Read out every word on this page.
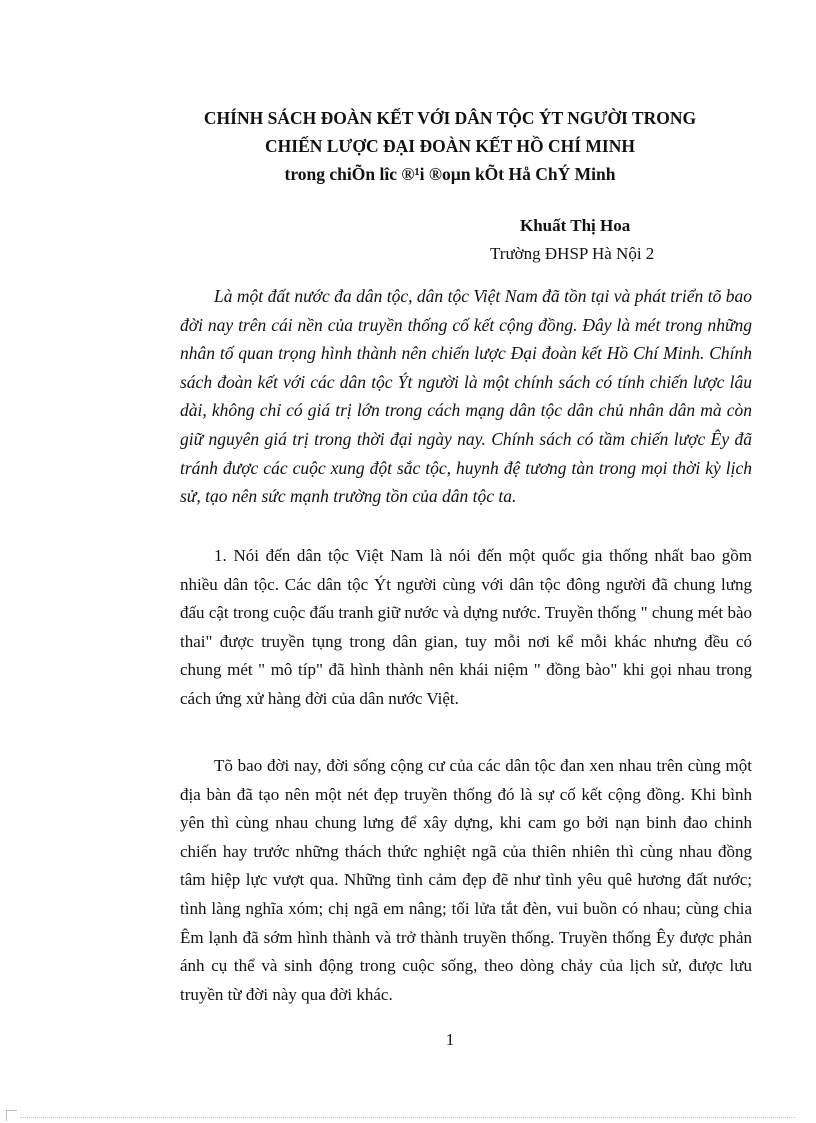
CHÍNH SÁCH ĐOÀN KẾT VỚI DÂN TỘC ÝT NGƯỜI TRONG
CHIẾN LƯỢC ĐẠI ĐOÀN KẾT HỒ CHÍ MINH
trong chiÕn lîc ®¹i ®oµn kÕt Hå ChÝ Minh
Khuất Thị Hoa
Trường ĐHSP Hà Nội 2

Là một đất nước đa dân tộc, dân tộc Việt Nam đã tồn tại và phát triển tõ bao đời nay trên cái nền của truyền thống cố kết cộng đồng. Đây là mét trong những nhân tố quan trọng hình thành nên chiến lược Đại đoàn kết Hồ Chí Minh. Chính sách đoàn kết với các dân tộc Ýt người là một chính sách có tính chiến lược lâu dài, không chỉ có giá trị lớn trong cách mạng dân tộc dân chủ nhân dân mà còn giữ nguyên giá trị trong thời đại ngày nay. Chính sách có tầm chiến lược Êy đã tránh được các cuộc xung đột sắc tộc, huynh đệ tương tàn trong mọi thời kỳ lịch sử, tạo nên sức mạnh trường tồn của dân tộc ta.

1. Nói đến dân tộc Việt Nam là nói đến một quốc gia thống nhất bao gồm nhiều dân tộc. Các dân tộc Ýt người cùng với dân tộc đông người đã chung lưng đấu cật trong cuộc đấu tranh giữ nước và dựng nước. Truyền thống " chung mét bào thai" được truyền tụng trong dân gian, tuy mỗi nơi kể mỗi khác nhưng đều có chung mét " mô típ" đã hình thành nên khái niệm " đồng bào" khi gọi nhau trong cách ứng xử hàng đời của dân nước Việt.

Tõ bao đời nay, đời sống cộng cư của các dân tộc đan xen nhau trên cùng một địa bàn đã tạo nên một nét đẹp truyền thống đó là sự cố kết cộng đồng. Khi bình yên thì cùng nhau chung lưng để xây dựng, khi cam go bởi nạn binh đao chinh chiến hay trước những thách thức nghiệt ngã của thiên nhiên thì cùng nhau đồng tâm hiệp lực vượt qua. Những tình cảm đẹp đẽ như tình yêu quê hương đất nước; tình làng nghĩa xóm; chị ngã em nâng; tối lửa tắt đèn, vui buồn có nhau; cùng chia Êm lạnh đã sớm hình thành và trở thành truyền thống. Truyền thống Êy được phản ánh cụ thể và sinh động trong cuộc sống, theo dòng chảy của lịch sử, được lưu truyền từ đời này qua đời khác.

1
